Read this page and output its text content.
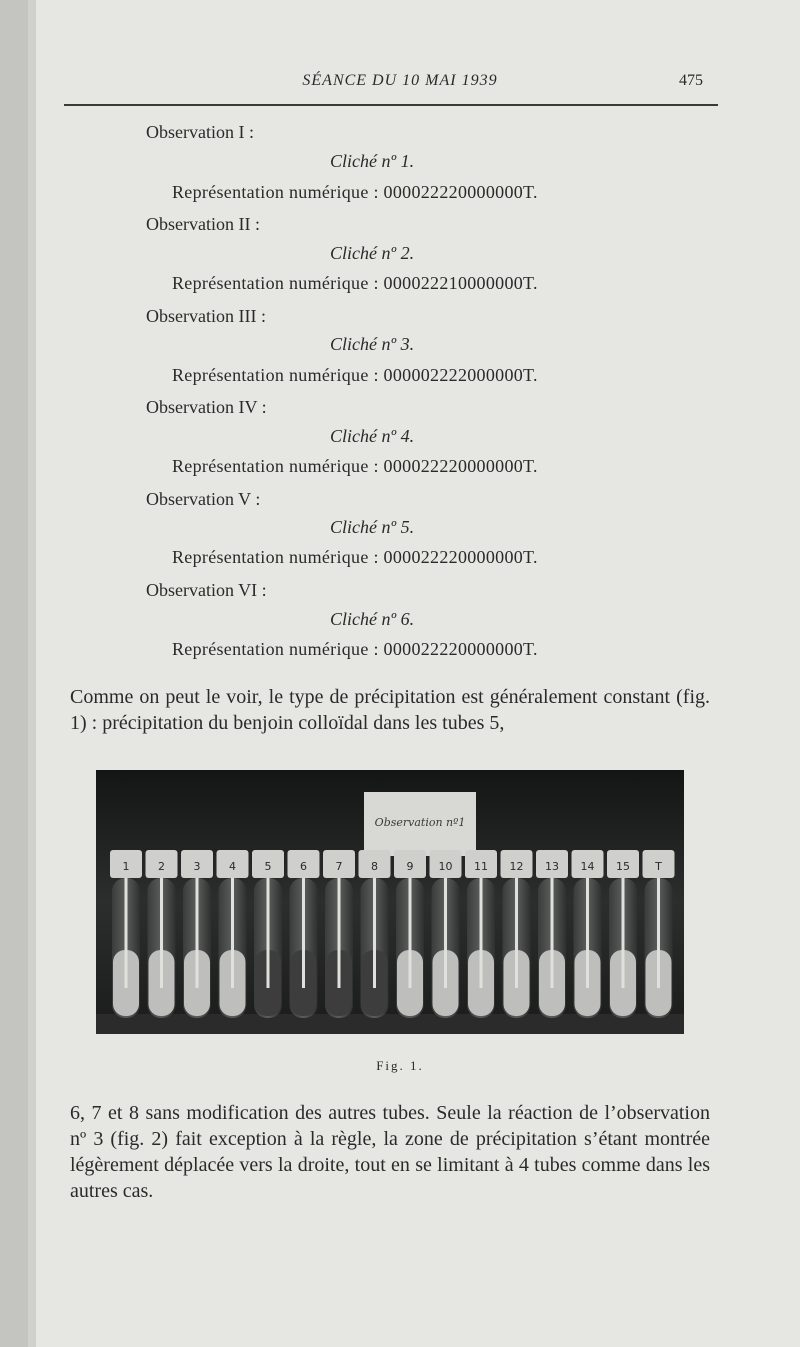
SÉANCE DU 10 MAI 1939	475
Observation I :
Cliché nº 1.
Représentation numérique : 000022220000000T.
Observation II :
Cliché nº 2.
Représentation numérique : 000022210000000T.
Observation III :
Cliché nº 3.
Représentation numérique : 000002222000000T.
Observation IV :
Cliché nº 4.
Représentation numérique : 000022220000000T.
Observation V :
Cliché nº 5.
Représentation numérique : 000022220000000T.
Observation VI :
Cliché nº 6.
Représentation numérique : 000022220000000T.
Comme on peut le voir, le type de précipitation est généralement constant (fig. 1) : précipitation du benjoin colloïdal dans les tubes 5,
Observation nº1
1	2	3	4	5	6	7	8	9 10 11 12 13 14 15 T
Fig. 1.
6, 7 et 8 sans modification des autres tubes. Seule la réaction de l’observation nº 3 (fig. 2) fait exception à la règle, la zone de précipitation s’étant montrée légèrement déplacée vers la droite, tout en se limitant à 4 tubes comme dans les autres cas.
